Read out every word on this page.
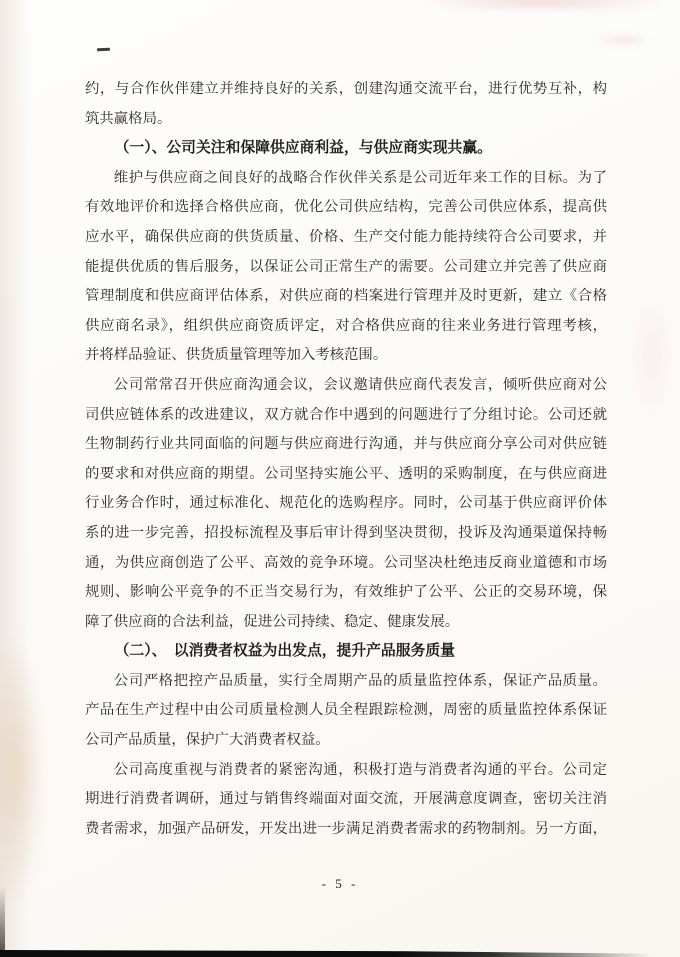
约，与合作伙伴建立并维持良好的关系，创建沟通交流平台，进行优势互补，构
筑共赢格局。
（一）、公司关注和保障供应商利益，与供应商实现共赢。
维护与供应商之间良好的战略合作伙伴关系是公司近年来工作的目标。为了
有效地评价和选择合格供应商，优化公司供应结构，完善公司供应体系，提高供
应水平，确保供应商的供货质量、价格、生产交付能力能持续符合公司要求，并
能提供优质的售后服务，以保证公司正常生产的需要。公司建立并完善了供应商
管理制度和供应商评估体系，对供应商的档案进行管理并及时更新，建立《合格
供应商名录》，组织供应商资质评定，对合格供应商的往来业务进行管理考核，
并将样品验证、供货质量管理等加入考核范围。
公司常常召开供应商沟通会议，会议邀请供应商代表发言，倾听供应商对公
司供应链体系的改进建议，双方就合作中遇到的问题进行了分组讨论。公司还就
生物制药行业共同面临的问题与供应商进行沟通，并与供应商分享公司对供应链
的要求和对供应商的期望。公司坚持实施公平、透明的采购制度，在与供应商进
行业务合作时，通过标准化、规范化的选购程序。同时，公司基于供应商评价体
系的进一步完善，招投标流程及事后审计得到坚决贯彻，投诉及沟通渠道保持畅
通，为供应商创造了公平、高效的竞争环境。公司坚决杜绝违反商业道德和市场
规则、影响公平竞争的不正当交易行为，有效维护了公平、公正的交易环境，保
障了供应商的合法利益，促进公司持续、稳定、健康发展。
（二）、　以消费者权益为出发点，提升产品服务质量
公司严格把控产品质量，实行全周期产品的质量监控体系，保证产品质量。
产品在生产过程中由公司质量检测人员全程跟踪检测，周密的质量监控体系保证
公司产品质量，保护广大消费者权益。
公司高度重视与消费者的紧密沟通，积极打造与消费者沟通的平台。公司定
期进行消费者调研，通过与销售终端面对面交流，开展满意度调查，密切关注消
费者需求，加强产品研发，开发出进一步满足消费者需求的药物制剂。另一方面，
- 5 -
